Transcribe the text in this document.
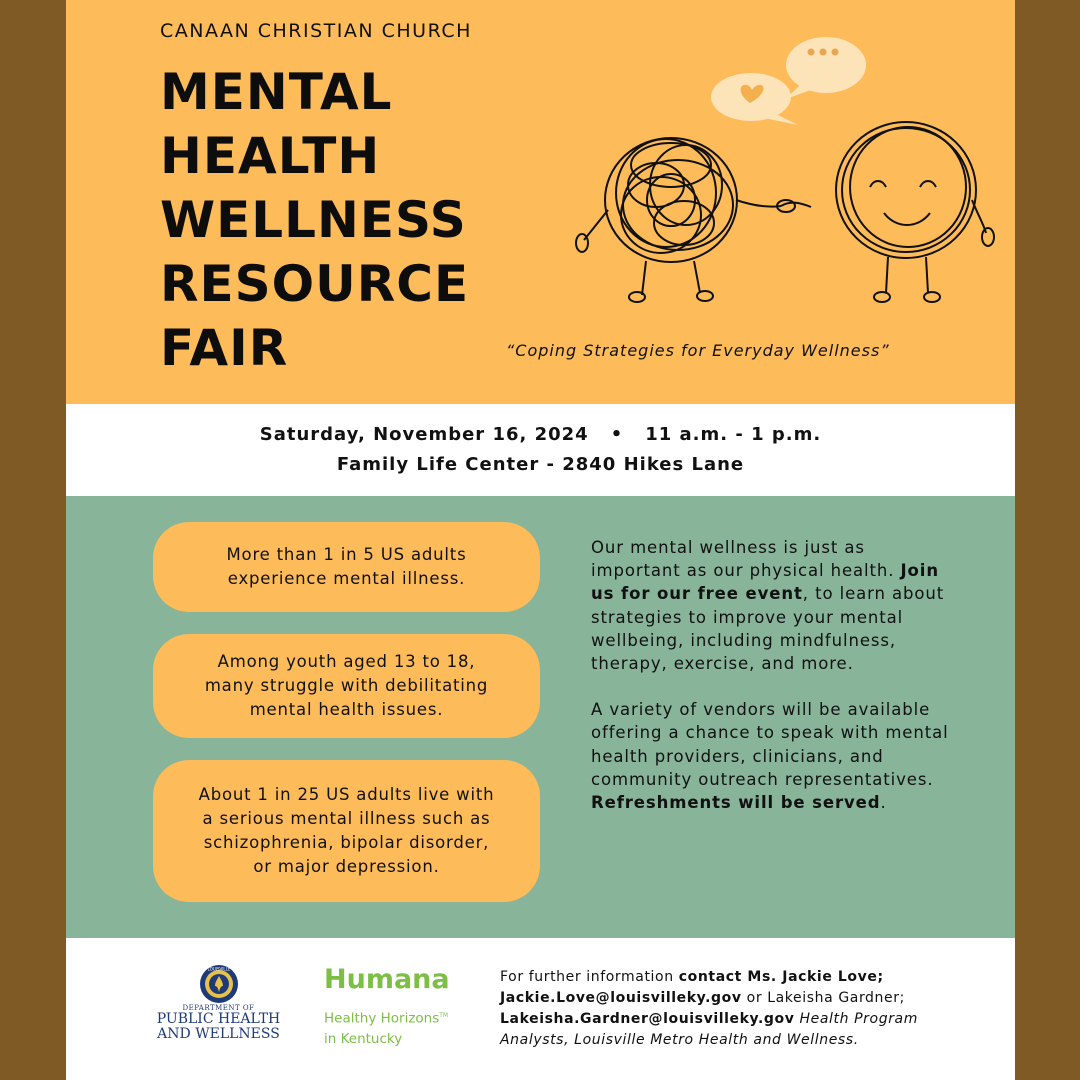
CANAAN CHRISTIAN CHURCH
MENTAL
HEALTH
WELLNESS
RESOURCE
FAIR	“Coping Strategies for Everyday Wellness”
Saturday, November 16, 2024 • 11 a.m. - 1 p.m.
Family Life Center - 2840 Hikes Lane
More than 1 in 5 US adults
experience mental illness.
Among youth aged 13 to 18,
many struggle with debilitating
mental health issues.
About 1 in 25 US adults live with
a serious mental illness such as
schizophrenia, bipolar disorder,
or major depression.

Our mental wellness is just as important as our physical health. Join us for our free event, to learn about strategies to improve your mental wellbeing, including mindfulness, therapy, exercise, and more.

A variety of vendors will be available offering a chance to speak with mental health providers, clinicians, and community outreach representatives. Refreshments will be served.

LOUISVILLE
DEPARTMENT OF
PUBLIC HEALTH
AND WELLNESS
Humana
Healthy Horizons™
in Kentucky
For further information contact Ms. Jackie Love;
Jackie.Love@louisvilleky.gov or Lakeisha Gardner;
Lakeisha.Gardner@louisvilleky.gov Health Program Analysts, Louisville Metro Health and Wellness.
